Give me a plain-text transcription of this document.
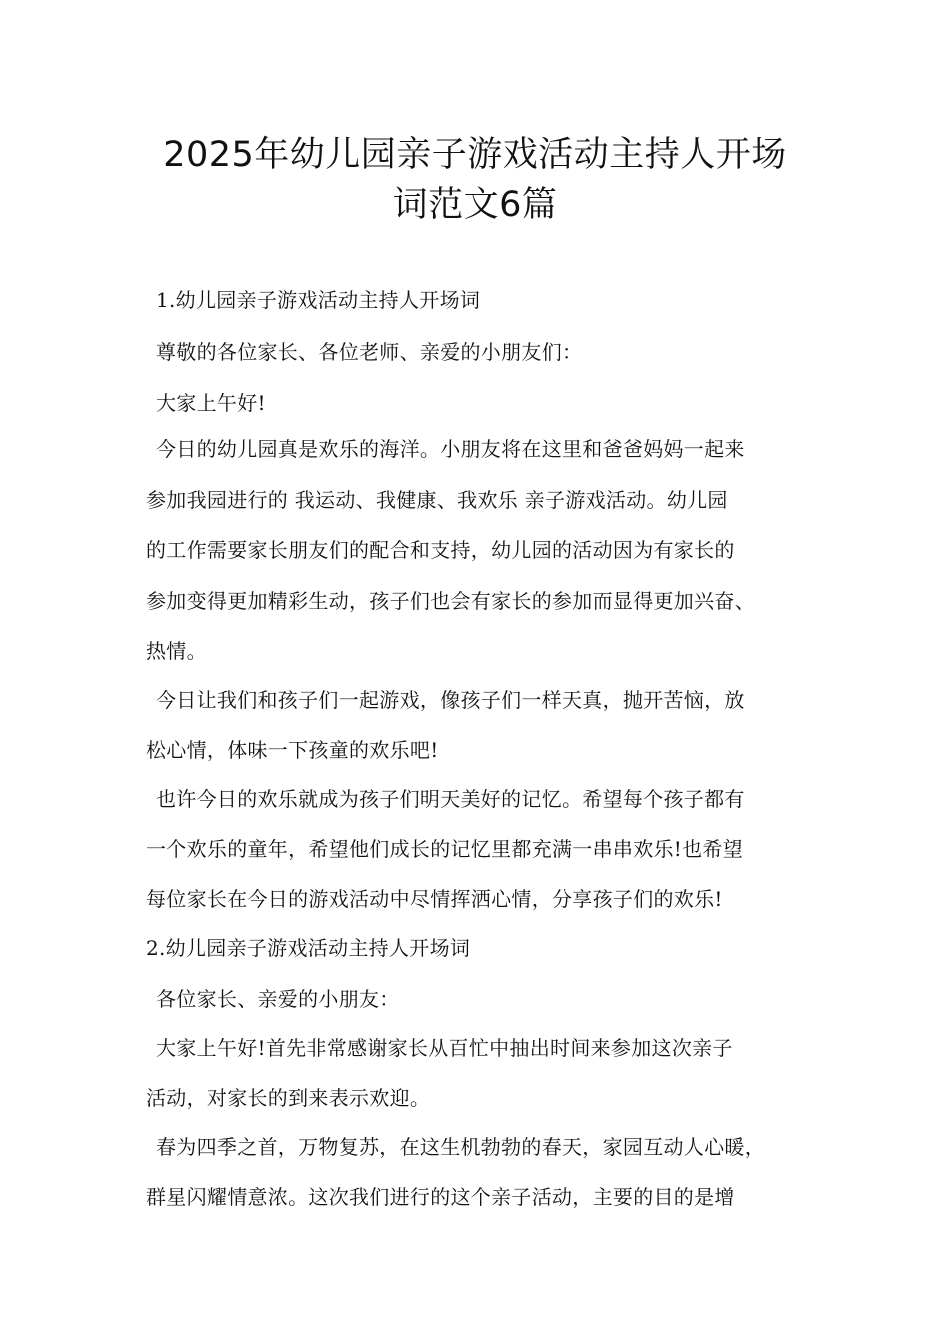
2025年幼儿园亲子游戏活动主持人开场
词范文6篇
1.幼儿园亲子游戏活动主持人开场词
尊敬的各位家长、各位老师、亲爱的小朋友们：
大家上午好!
今日的幼儿园真是欢乐的海洋。小朋友将在这里和爸爸妈妈一起来
参加我园进行的 我运动、我健康、我欢乐 亲子游戏活动。幼儿园
的工作需要家长朋友们的配合和支持，幼儿园的活动因为有家长的
参加变得更加精彩生动，孩子们也会有家长的参加而显得更加兴奋、
热情。
今日让我们和孩子们一起游戏，像孩子们一样天真，抛开苦恼，放
松心情，体味一下孩童的欢乐吧!
也许今日的欢乐就成为孩子们明天美好的记忆。希望每个孩子都有
一个欢乐的童年，希望他们成长的记忆里都充满一串串欢乐!也希望
每位家长在今日的游戏活动中尽情挥洒心情，分享孩子们的欢乐!
2.幼儿园亲子游戏活动主持人开场词
各位家长、亲爱的小朋友：
大家上午好!首先非常感谢家长从百忙中抽出时间来参加这次亲子
活动，对家长的到来表示欢迎。
春为四季之首，万物复苏，在这生机勃勃的春天，家园互动人心暖，
群星闪耀情意浓。这次我们进行的这个亲子活动，主要的目的是增
